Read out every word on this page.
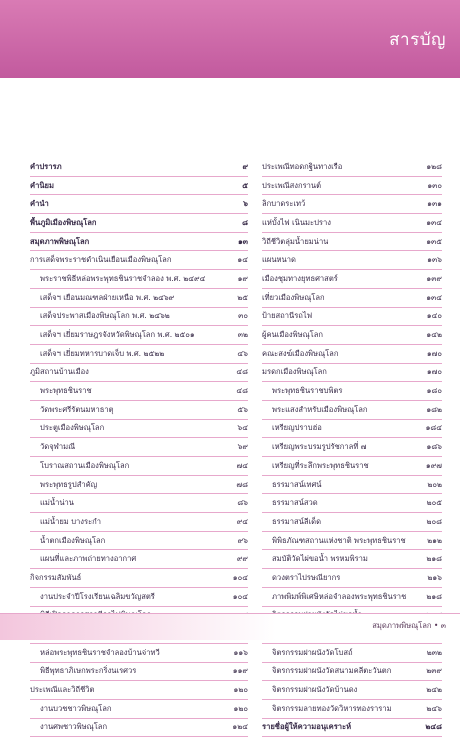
สารบัญ
คำปรารภ	๙
คำนิยม	๕
คำนำ	๖
พื้นภูมิเมืองพิษณุโลก	๘
สมุดภาพพิษณุโลก	๑๓
การเสด็จพระราชดำเนินเยือนเมืองพิษณุโลก	๑๔
พระราชพิธีหล่อพระพุทธชินราชจำลอง พ.ศ. ๒๔๙๔	๑๙
เสด็จฯ เยือนมณฑลฝ่ายเหนือ พ.ศ. ๒๔๖๙	๒๕
เสด็จประพาสเมืองพิษณุโลก พ.ศ. ๒๔๖๒	๓๐
เสด็จฯ เยี่ยมราษฎรจังหวัดพิษณุโลก พ.ศ. ๒๕๐๑	๓๒
เสด็จฯ เยี่ยมทหารบาดเจ็บ พ.ศ. ๒๕๒๒	๔๖
ภูมิสถานบ้านเมือง	๔๘
พระพุทธชินราช	๔๘
วัดพระศรีรัตนมหาธาตุ	๕๖
ประตูเมืองพิษณุโลก	๖๔
วัดจุฬามณี	๖๙
โบราณสถานเมืองพิษณุโลก	๗๔
พระพุทธรูปสำคัญ	๗๘
แม่น้ำน่าน	๘๖
แม่น้ำยม บางระกำ	๙๔
น้ำตกเมืองพิษณุโลก	๙๖
แผนที่และภาพถ่ายทางอากาศ	๙๙
กิจกรรมสัมพันธ์	๑๐๔
งานประจำปีโรงเรียนเฉลิมขวัญสตรี	๑๐๔
หล่อพระพุทธชินราชจำลองบ้านจ่าทวี	๑๑๖
พิธีพุทธาภิเษกพระกริ่งนเรศวร	๑๑๙
ประเพณีและวิถีชีวิต	๑๒๐
งานบวชชาวพิษณุโลก	๑๒๐
งานศพชาวพิษณุโลก	๑๒๔
ประเพณีทอดกฐินทางเรือ	๑๒๘
ประเพณีสงกรานต์	๑๓๐
ลิกบาดระเทว้	๑๓๑
แห่บั้งไฟ เนินมะปราง	๑๓๔
วิถีชีวิตลุ่มน้ำยมน่าน	๑๓๕
แผนหนาด	๑๓๖
เมืองชุมทางยุทธศาสตร์	๑๓๙
เที่ยวเมืองพิษณุโลก	๑๓๔
ป้ายสถานีรถไฟ	๑๔๐
ผู้คนเมืองพิษณุโลก	๑๔๒
คณะสงฆ์เมืองพิษณุโลก	๑๗๐
มรดกเมืองพิษณุโลก	๑๗๐
พระพุทธชินราชบพิตร	๑๘๐
พระแสงสำหรับเมืองพิษณุโลก	๑๘๒
เหรียญปราบฮ่อ	๑๘๔
เหรียญพระบรมรูปรัชกาลที่ ๗	๑๘๖
เหรียญที่ระลึกพระพุทธชินราช	๑๙๗
ธรรมาสน์เทศน์	๒๐๒
ธรรมาสน์สวด	๒๐๕
ธรรมาสน์ลีเด็ด	๒๐๘
พิพิธภัณฑสถานแห่งชาติ พระพุทธชินราช	๒๑๒
สมบัติวัดไผ่ขอน้ำ พรหมพิราม	๒๑๘
ดวงตราไปรษณียากร	๒๑๖
ภาพพิมพ์พิเศษิหล่อจำลองพระพุทธชินราช	๒๑๘
จิตรกรรมฝาผนังวัดโบสถ์	๒๓๒
จิตรกรรมฝาผนังวัดสนามคลีตะวันตก	๒๓๙
จิตรกรรมฝาผนังวัดบ้านดง	๒๔๒
จิตรกรรมลายทองวัดวิหารทองราราม	๒๔๖
รายชื่อผู้ให้ความอนุเคราะห์	๒๔๘
สมุดภาพพิษณุโลก • ๓
